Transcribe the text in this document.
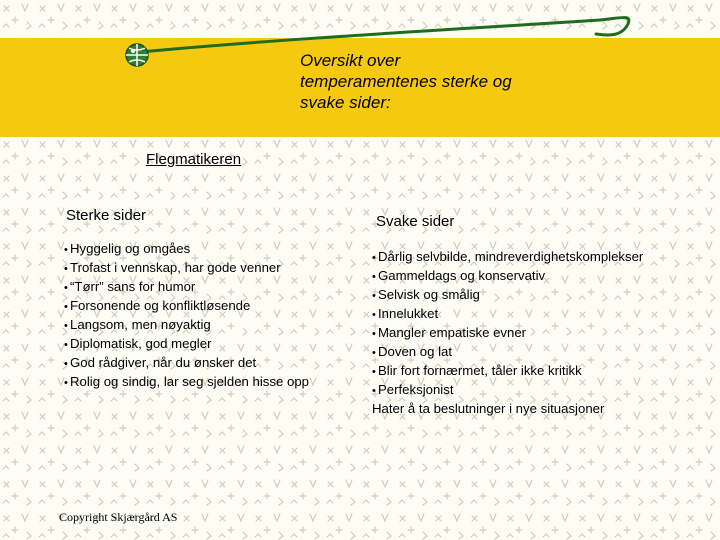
Oversikt over
temperamentenes sterke og
svake sider:
Flegmatikeren
Sterke sider	Svake sider
• Hyggelig og omgåes
• Trofast i vennskap, har gode venner
• “Tørr” sans for humor
• Forsonende og konfliktløsende
• Langsom, men nøyaktig
• Diplomatisk, god megler
• God rådgiver, når du ønsker det
• Rolig og sindig, lar seg sjelden hisse opp
• Dårlig selvbilde, mindreverdighetskomplekser
• Gammeldags og konservativ
• Selvisk og smålig
• Innelukket
• Mangler empatiske evner
• Doven og lat
• Blir fort fornærmet, tåler ikke kritikk
• Perfeksjonist
Hater å ta beslutninger i nye situasjoner
Copyright Skjærgård AS
